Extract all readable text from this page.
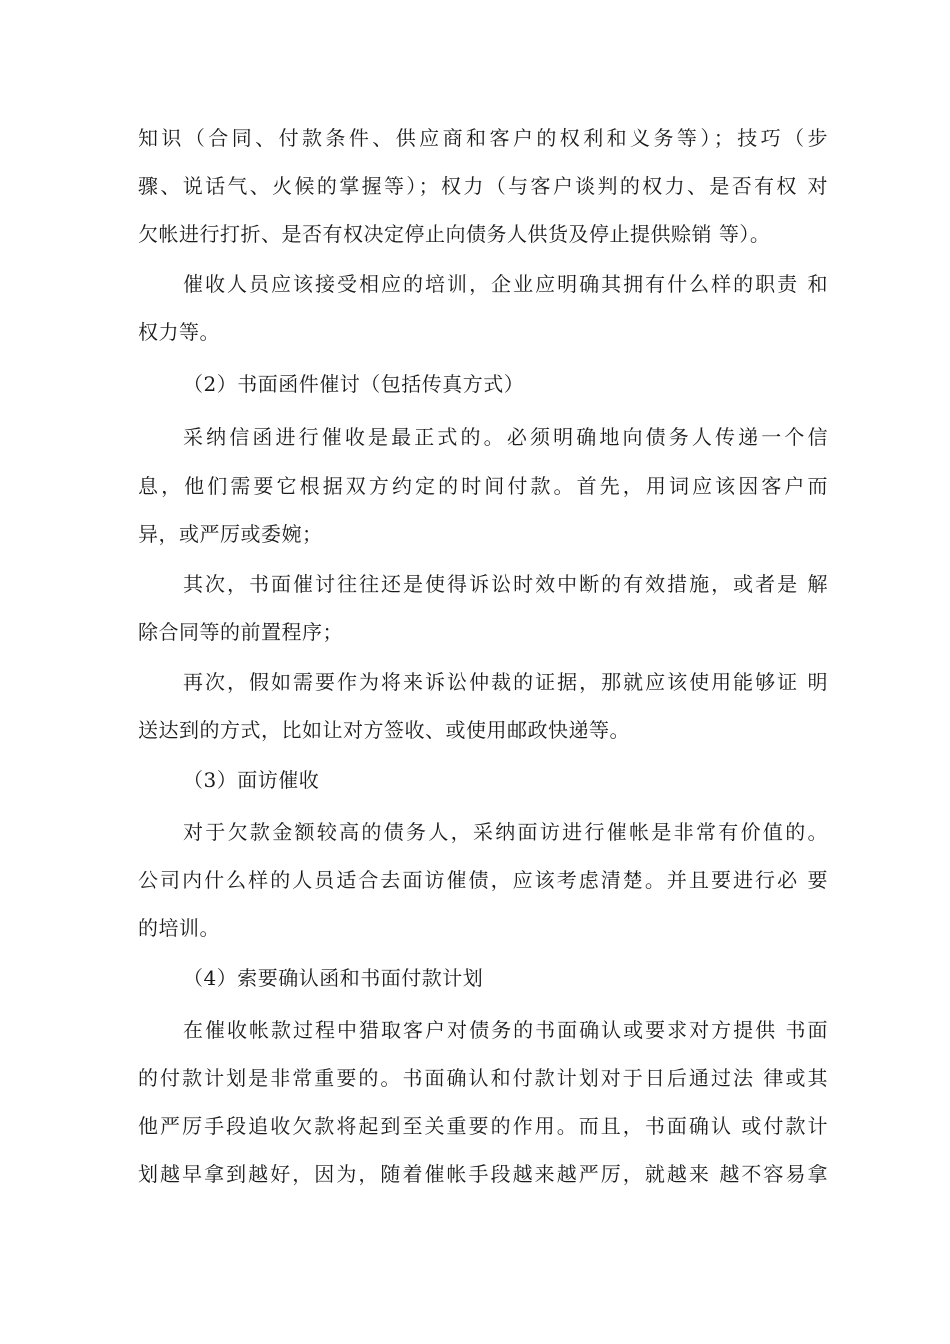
知识（合同、付款条件、供应商和客户的权利和义务等）；技巧（步
骤、说话气、火候的掌握等）；权力（与客户谈判的权力、是否有权 对
欠帐进行打折、是否有权决定停止向债务人供货及停止提供赊销 等）。
催收人员应该接受相应的培训，企业应明确其拥有什么样的职责 和
权力等。
（2）书面函件催讨（包括传真方式）
采纳信函进行催收是最正式的。必须明确地向债务人传递一个信
息，他们需要它根据双方约定的时间付款。首先，用词应该因客户而
异，或严厉或委婉；
其次，书面催讨往往还是使得诉讼时效中断的有效措施，或者是 解
除合同等的前置程序；
再次，假如需要作为将来诉讼仲裁的证据，那就应该使用能够证 明
送达到的方式，比如让对方签收、或使用邮政快递等。
（3）面访催收
对于欠款金额较高的债务人，采纳面访进行催帐是非常有价值的。
公司内什么样的人员适合去面访催债，应该考虑清楚。并且要进行必 要
的培训。
（4）索要确认函和书面付款计划
在催收帐款过程中猎取客户对债务的书面确认或要求对方提供 书面
的付款计划是非常重要的。书面确认和付款计划对于日后通过法 律或其
他严厉手段追收欠款将起到至关重要的作用。而且，书面确认 或付款计
划越早拿到越好，因为，随着催帐手段越来越严厉，就越来 越不容易拿
